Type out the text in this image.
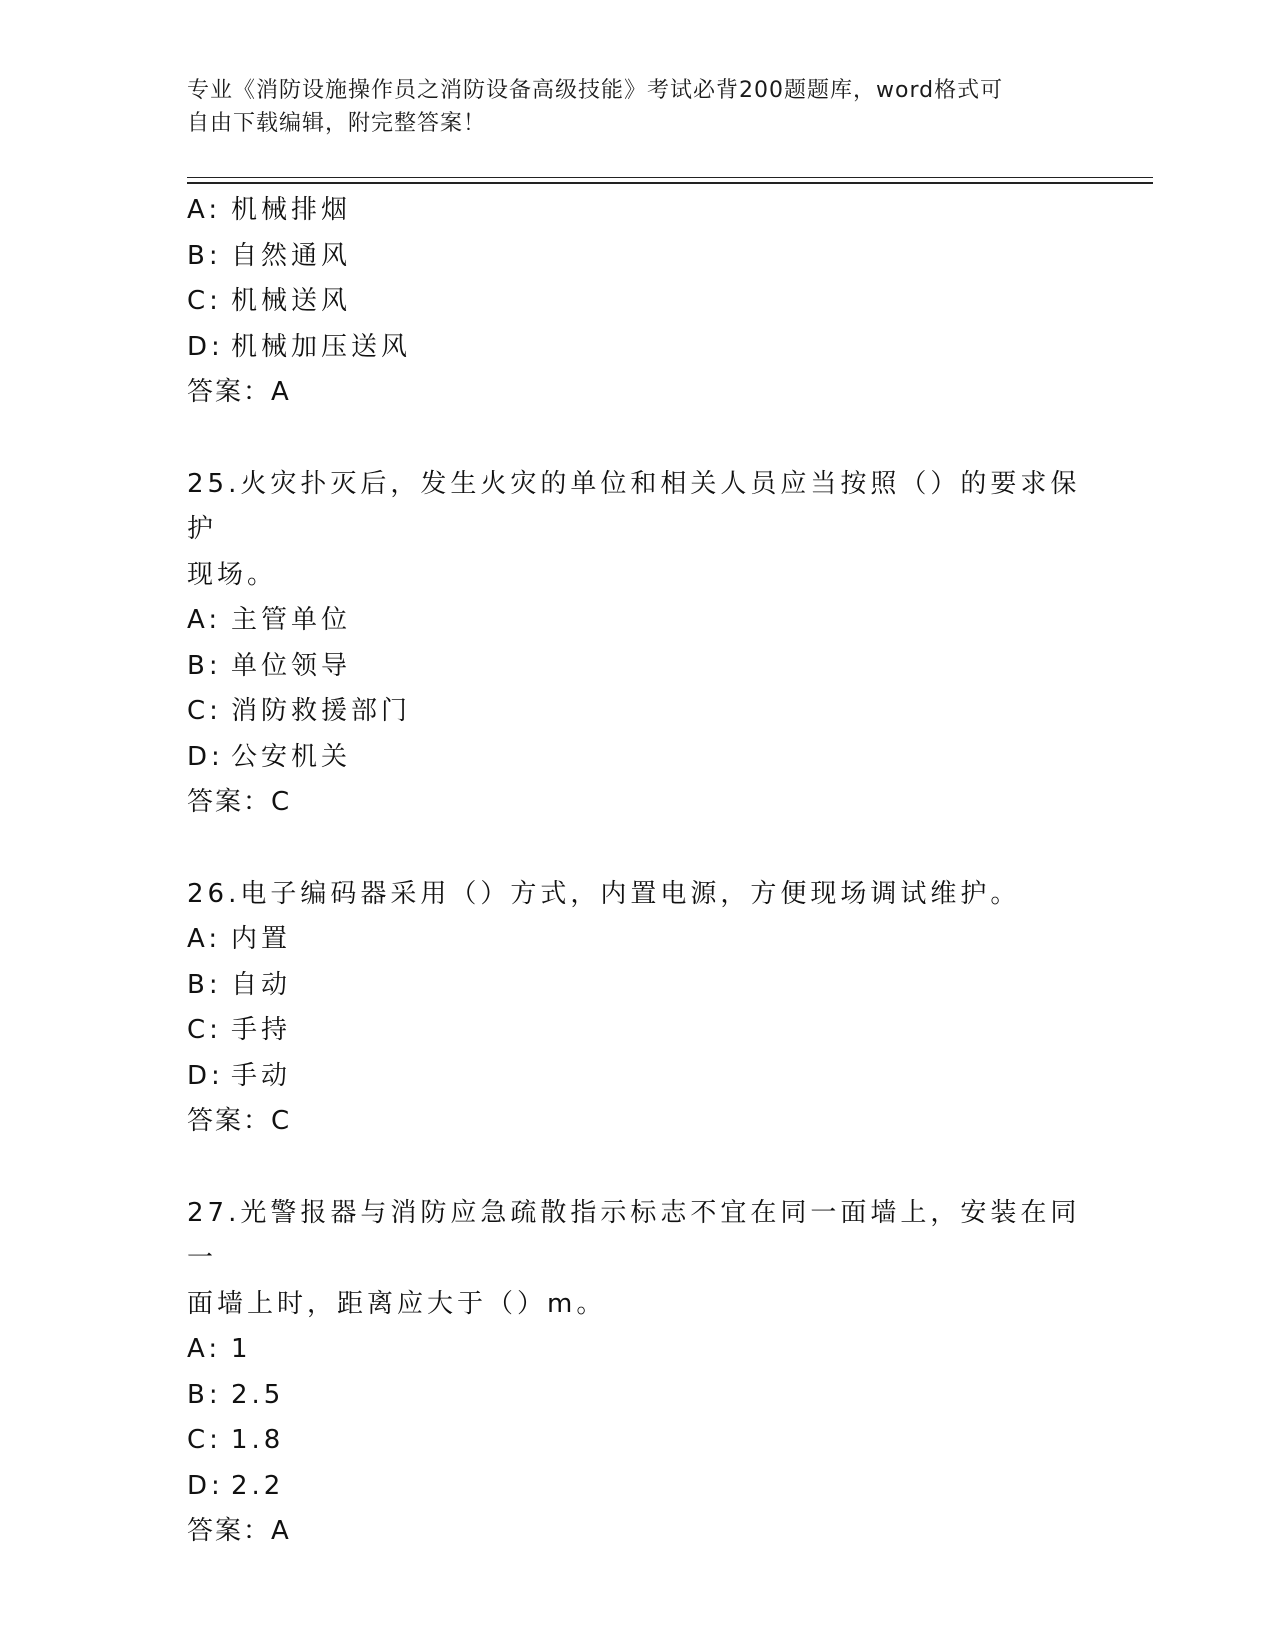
专业《消防设施操作员之消防设备高级技能》考试必背200题题库，word格式可
自由下载编辑，附完整答案！
A: 机械排烟
B: 自然通风
C: 机械送风
D: 机械加压送风
答案：A
25.火灾扑灭后，发生火灾的单位和相关人员应当按照（）的要求保护
现场。
A: 主管单位
B: 单位领导
C: 消防救援部门
D: 公安机关
答案：C
26.电子编码器采用（）方式，内置电源，方便现场调试维护。
A: 内置
B: 自动
C: 手持
D: 手动
答案：C
27.光警报器与消防应急疏散指示标志不宜在同一面墙上，安装在同一
面墙上时，距离应大于（）m。
A: 1
B: 2.5
C: 1.8
D: 2.2
答案：A
